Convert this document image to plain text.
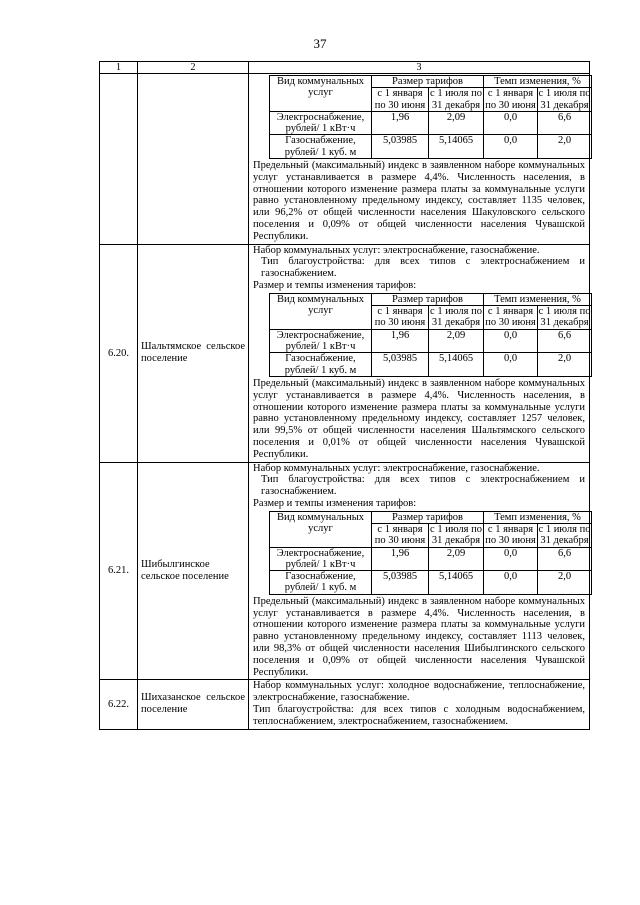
37
1	2	3

Вид коммунальных услуг	Размер тарифов	Темп изменения, %
с 1 января по 30 июня	с 1 июля по 31 декабря	с 1 января по 30 июня	с 1 июля по 31 декабря
Электроснабжение, рублей/ 1 кВт·ч	1,96	2,09	0,0	6,6
Газоснабжение, рублей/ 1 куб. м	5,03985	5,14065	0,0	2,0
Предельный (максимальный) индекс в заявленном наборе коммунальных услуг устанавливается в размере 4,4%. Численность населения, в отношении которого изменение размера платы за коммунальные услуги равно установленному предельному индексу, составляет 1135 человек, или 96,2% от общей численности населения Шакуловского сельского поселения и 0,09% от общей численности населения Чувашской Республики.

6.20.	Шальтямское сельское поселение	
Набор коммунальных услуг: электроснабжение, газоснабжение.
Тип благоустройства: для всех типов с электроснабжением и газоснабжением.
Размер и темпы изменения тарифов:
Вид коммунальных услуг	Размер тарифов	Темп изменения, %
с 1 января по 30 июня	с 1 июля по 31 декабря	с 1 января по 30 июня	с 1 июля по 31 декабря
Электроснабжение, рублей/ 1 кВт·ч	1,96	2,09	0,0	6,6
Газоснабжение, рублей/ 1 куб. м	5,03985	5,14065	0,0	2,0
Предельный (максимальный) индекс в заявленном наборе коммунальных услуг устанавливается в размере 4,4%. Численность населения, в отношении которого изменение размера платы за коммунальные услуги равно установленному предельному индексу, составляет 1257 человек, или 99,5% от общей численности населения Шальтямского сельского поселения и 0,01% от общей численности населения Чувашской Республики.

6.21.	Шибылгинское сельское поселение	
Набор коммунальных услуг: электроснабжение, газоснабжение.
Тип благоустройства: для всех типов с электроснабжением и газоснабжением.
Размер и темпы изменения тарифов:
Вид коммунальных услуг	Размер тарифов	Темп изменения, %
с 1 января по 30 июня	с 1 июля по 31 декабря	с 1 января по 30 июня	с 1 июля по 31 декабря
Электроснабжение, рублей/ 1 кВт·ч	1,96	2,09	0,0	6,6
Газоснабжение, рублей/ 1 куб. м	5,03985	5,14065	0,0	2,0
Предельный (максимальный) индекс в заявленном наборе коммунальных услуг устанавливается в размере 4,4%. Численность населения, в отношении которого изменение размера платы за коммунальные услуги равно установленному предельному индексу, составляет 1113 человек, или 98,3% от общей численности населения Шибылгинского сельского поселения и 0,09% от общей численности населения Чувашской Республики.

6.22.	Шихазанское сельское поселение	
Набор коммунальных услуг: холодное водоснабжение, теплоснабжение, электроснабжение, газоснабжение.
Тип благоустройства: для всех типов с холодным водоснабжением, теплоснабжением, электроснабжением, газоснабжением.
